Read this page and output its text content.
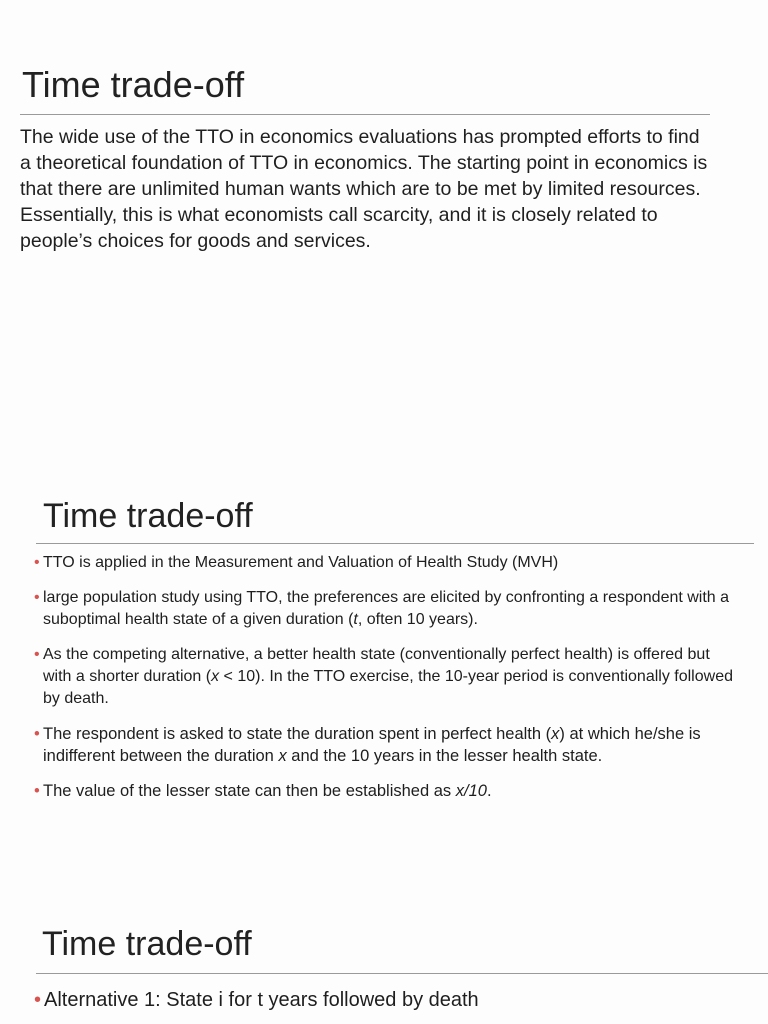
Time trade-off

The wide use of the TTO in economics evaluations has prompted efforts to find a theoretical foundation of TTO in economics. The starting point in economics is that there are unlimited human wants which are to be met by limited resources. Essentially, this is what economists call scarcity, and it is closely related to people’s choices for goods and services.

Time trade-off
• TTO is applied in the Measurement and Valuation of Health Study (MVH)
• large population study using TTO, the preferences are elicited by confronting a respondent with a suboptimal health state of a given duration (t, often 10 years).
• As the competing alternative, a better health state (conventionally perfect health) is offered but with a shorter duration (x < 10). In the TTO exercise, the 10-year period is conventionally followed by death.
• The respondent is asked to state the duration spent in perfect health (x) at which he/she is indifferent between the duration x and the 10 years in the lesser health state.
• The value of the lesser state can then be established as x/10.
Time trade-off
• Alternative 1: State i for t years followed by death
